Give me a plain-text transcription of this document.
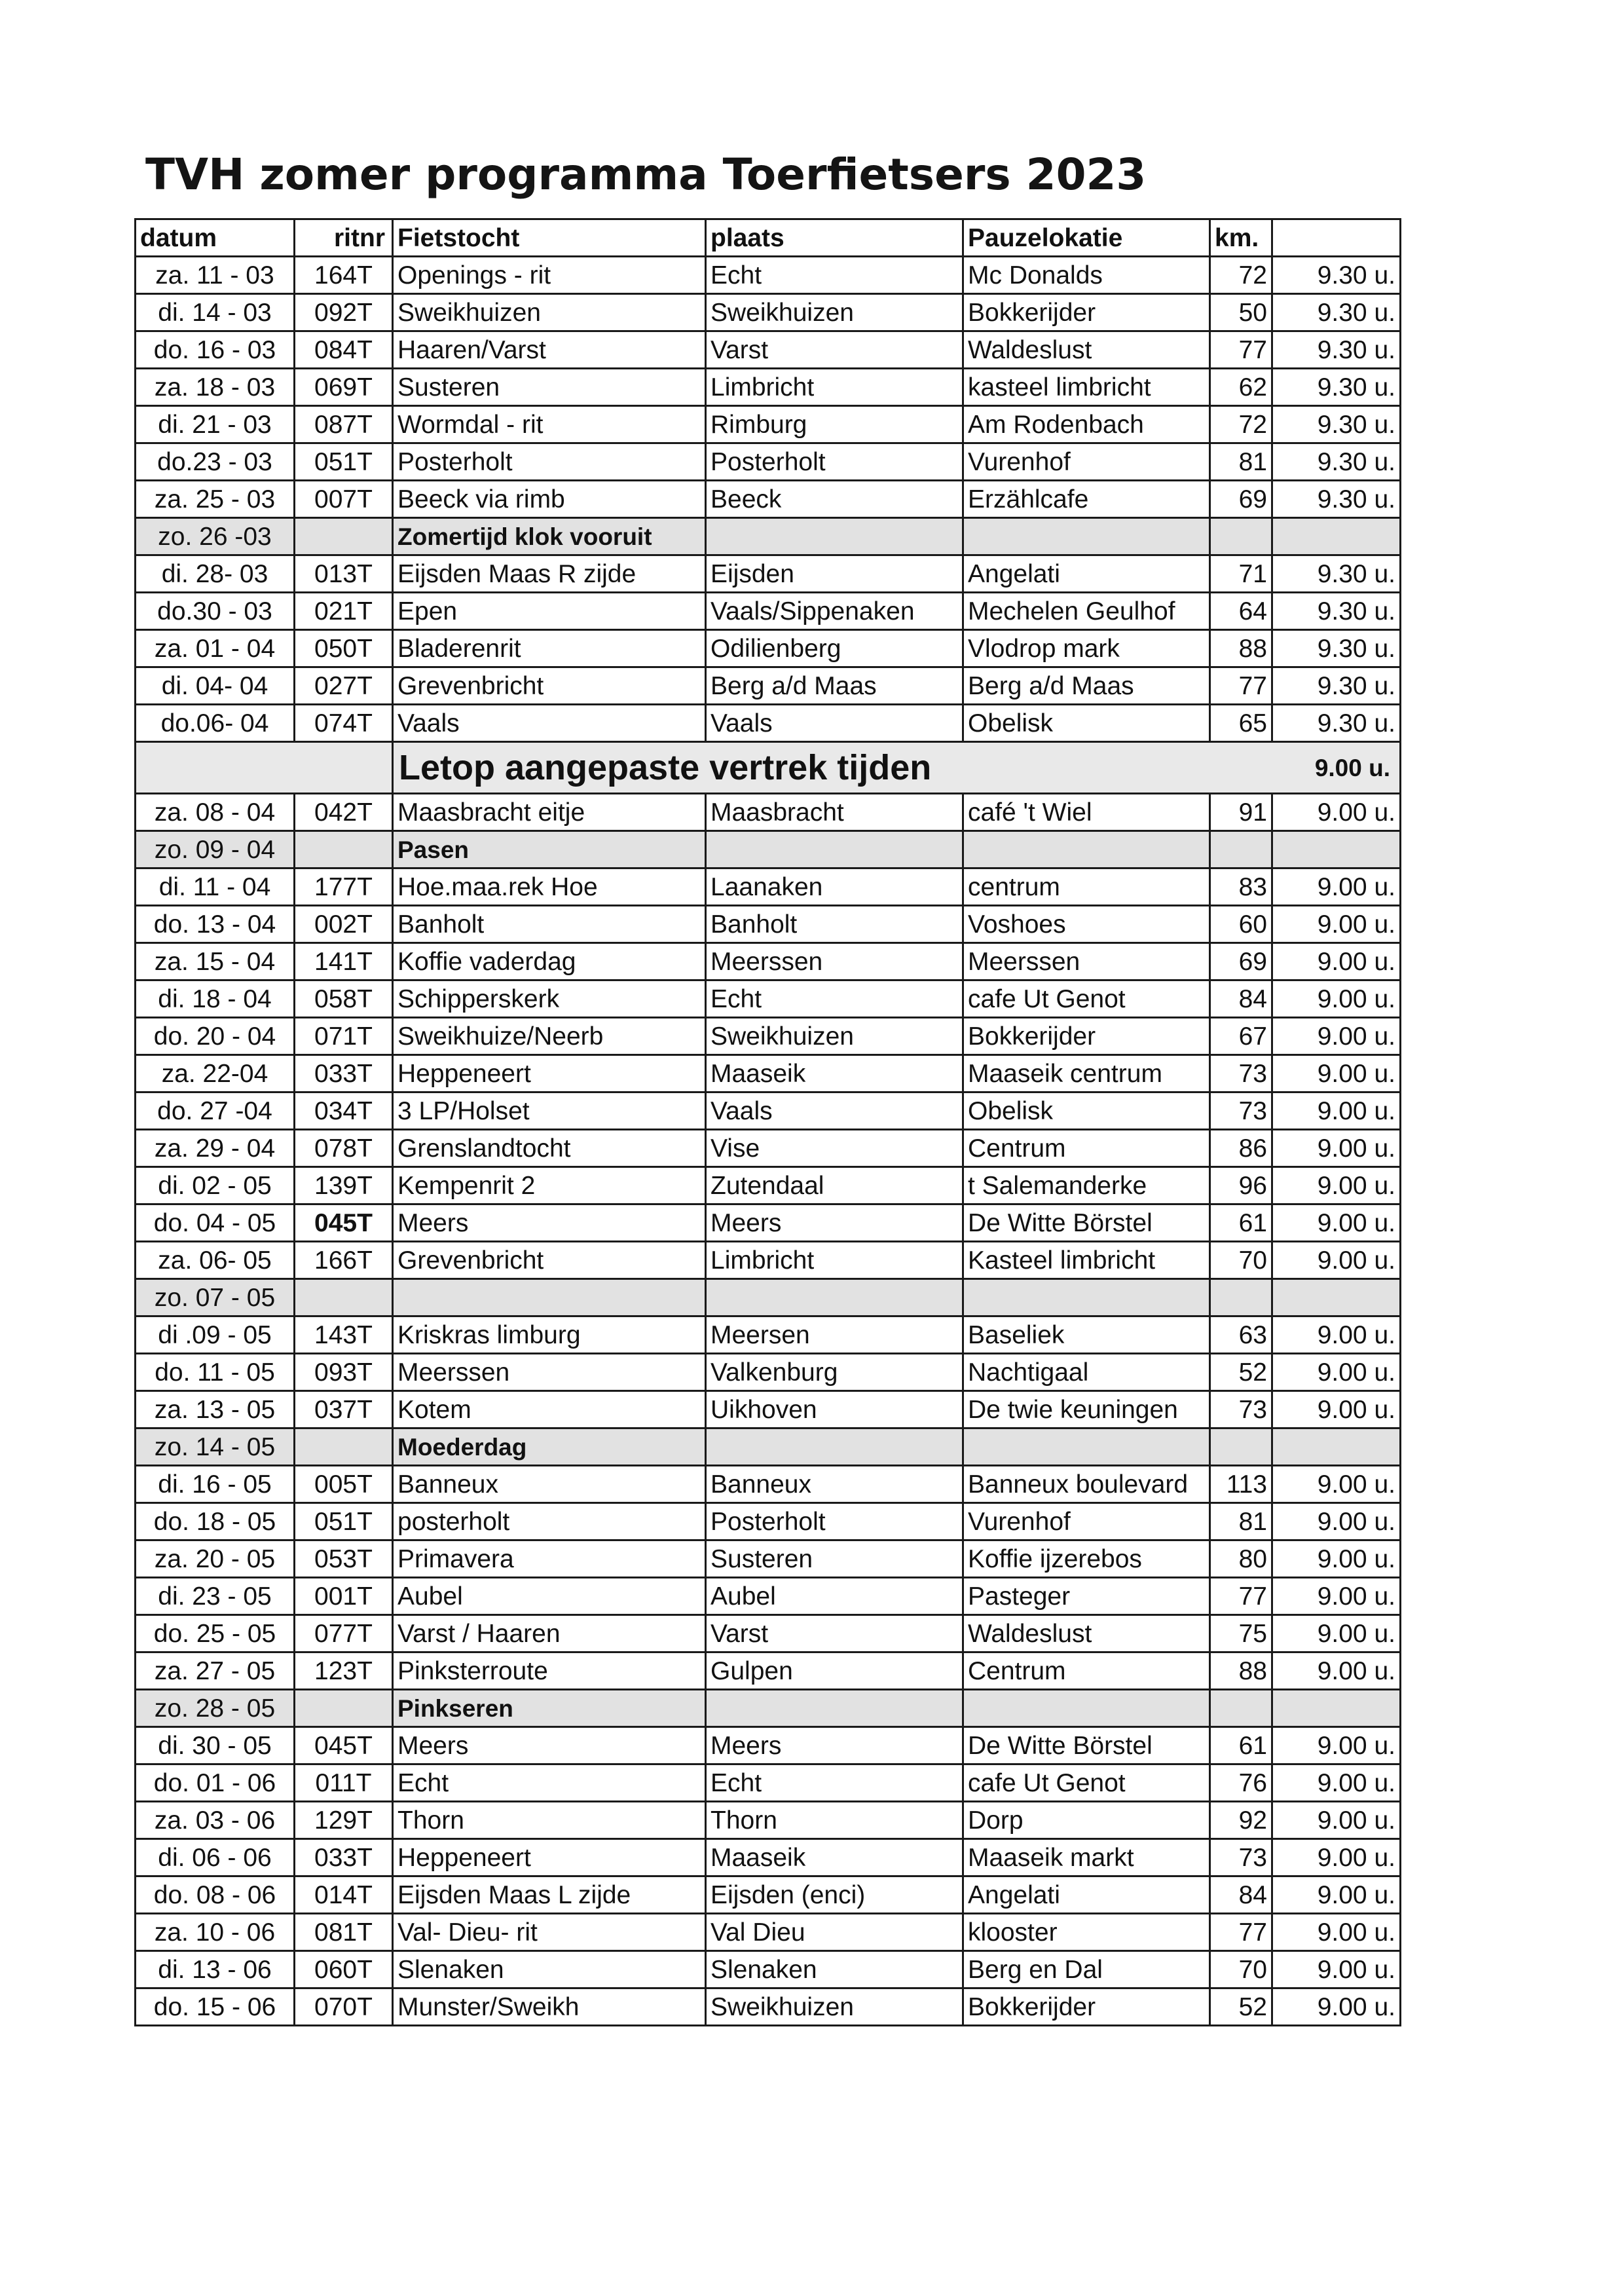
TVH zomer programma Toerfietsers 2023
datum	ritnr	Fietstocht	plaats	Pauzelokatie	km.	
za. 11 - 03	164T	Openings - rit	Echt	Mc Donalds	72	9.30 u.
di. 14 - 03	092T	Sweikhuizen	Sweikhuizen	Bokkerijder	50	9.30 u.
do. 16 - 03	084T	Haaren/Varst	Varst	Waldeslust	77	9.30 u.
za. 18 - 03	069T	Susteren	Limbricht	kasteel limbricht	62	9.30 u.
di. 21 - 03	087T	Wormdal - rit	Rimburg	Am Rodenbach	72	9.30 u.
do.23 - 03	051T	Posterholt	Posterholt	Vurenhof	81	9.30 u.
za. 25 - 03	007T	Beeck via rimb	Beeck	Erzählcafe	69	9.30 u.
zo. 26 -03		Zomertijd klok vooruit				
di. 28- 03	013T	Eijsden Maas R zijde	Eijsden	Angelati	71	9.30 u.
do.30 - 03	021T	Epen	Vaals/Sippenaken	Mechelen Geulhof	64	9.30 u.
za. 01 - 04	050T	Bladerenrit	Odilienberg	Vlodrop mark	88	9.30 u.
di. 04- 04	027T	Grevenbricht	Berg a/d Maas	Berg a/d Maas	77	9.30 u.
do.06- 04	074T	Vaals	Vaals	Obelisk	65	9.30 u.
		Letop aangepaste vertrek tijden				9.00 u.
za. 08 - 04	042T	Maasbracht eitje	Maasbracht	café 't Wiel	91	9.00 u.
zo. 09 - 04		Pasen				
di. 11 - 04	177T	Hoe.maa.rek Hoe	Laanaken	centrum	83	9.00 u.
do. 13 - 04	002T	Banholt	Banholt	Voshoes	60	9.00 u.
za. 15 - 04	141T	Koffie vaderdag	Meerssen	Meerssen	69	9.00 u.
di. 18 - 04	058T	Schipperskerk	Echt	cafe Ut Genot	84	9.00 u.
do. 20 - 04	071T	Sweikhuize/Neerb	Sweikhuizen	Bokkerijder	67	9.00 u.
za. 22-04	033T	Heppeneert	Maaseik	Maaseik centrum	73	9.00 u.
do. 27 -04	034T	3 LP/Holset	Vaals	Obelisk	73	9.00 u.
za. 29 - 04	078T	Grenslandtocht	Vise	Centrum	86	9.00 u.
di. 02 - 05	139T	Kempenrit 2	Zutendaal	t Salemanderke	96	9.00 u.
do. 04 - 05	045T	Meers	Meers	De Witte Börstel	61	9.00 u.
za. 06- 05	166T	Grevenbricht	Limbricht	Kasteel limbricht	70	9.00 u.
zo. 07 - 05						
di .09 - 05	143T	Kriskras limburg	Meersen	Baseliek	63	9.00 u.
do. 11 - 05	093T	Meerssen	Valkenburg	Nachtigaal	52	9.00 u.
za. 13 - 05	037T	Kotem	Uikhoven	De twie keuningen	73	9.00 u.
zo. 14 - 05		Moederdag				
di. 16 - 05	005T	Banneux	Banneux	Banneux boulevard	113	9.00 u.
do. 18 - 05	051T	posterholt	Posterholt	Vurenhof	81	9.00 u.
za. 20 - 05	053T	Primavera	Susteren	Koffie ijzerebos	80	9.00 u.
di. 23 - 05	001T	Aubel	Aubel	Pasteger	77	9.00 u.
do. 25 - 05	077T	Varst / Haaren	Varst	Waldeslust	75	9.00 u.
za. 27 - 05	123T	Pinksterroute	Gulpen	Centrum	88	9.00 u.
zo. 28 - 05		Pinkseren				
di. 30 - 05	045T	Meers	Meers	De Witte Börstel	61	9.00 u.
do. 01 - 06	011T	Echt	Echt	cafe Ut Genot	76	9.00 u.
za. 03 - 06	129T	Thorn	Thorn	Dorp	92	9.00 u.
di. 06 - 06	033T	Heppeneert	Maaseik	Maaseik markt	73	9.00 u.
do. 08 - 06	014T	Eijsden Maas L zijde	Eijsden (enci)	Angelati	84	9.00 u.
za. 10 - 06	081T	Val- Dieu- rit	Val Dieu	klooster	77	9.00 u.
di. 13 - 06	060T	Slenaken	Slenaken	Berg en Dal	70	9.00 u.
do. 15 - 06	070T	Munster/Sweikh	Sweikhuizen	Bokkerijder	52	9.00 u.
